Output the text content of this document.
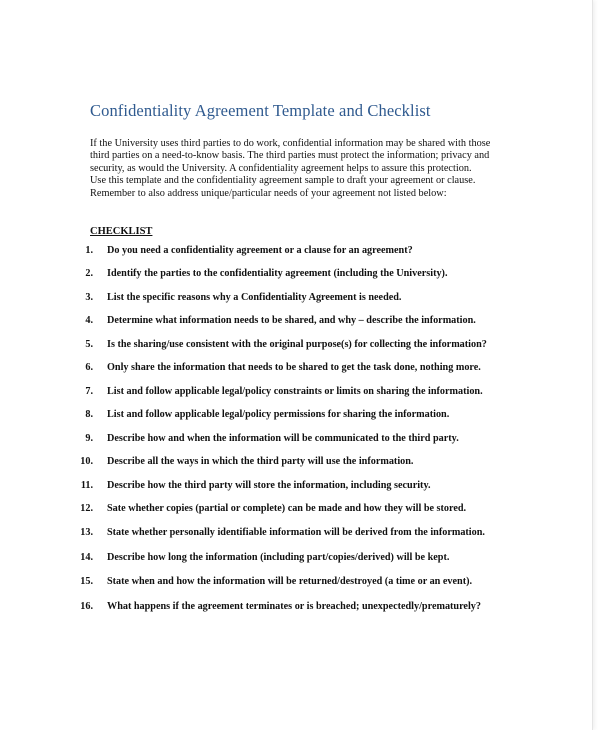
Confidentiality Agreement Template and Checklist

If the University uses third parties to do work, confidential information may be shared with those
third parties on a need-to-know basis. The third parties must protect the information; privacy and
security, as would the University. A confidentiality agreement helps to assure this protection.
Use this template and the confidentiality agreement sample to draft your agreement or clause.
Remember to also address unique/particular needs of your agreement not listed below:

CHECKLIST
1. Do you need a confidentiality agreement or a clause for an agreement?
2. Identify the parties to the confidentiality agreement (including the University).
3. List the specific reasons why a Confidentiality Agreement is needed.
4. Determine what information needs to be shared, and why – describe the information.
5. Is the sharing/use consistent with the original purpose(s) for collecting the information?
6. Only share the information that needs to be shared to get the task done, nothing more.
7. List and follow applicable legal/policy constraints or limits on sharing the information.
8. List and follow applicable legal/policy permissions for sharing the information.
9. Describe how and when the information will be communicated to the third party.
10. Describe all the ways in which the third party will use the information.
11. Describe how the third party will store the information, including security.
12. Sate whether copies (partial or complete) can be made and how they will be stored.
13. State whether personally identifiable information will be derived from the information.
14. Describe how long the information (including part/copies/derived) will be kept.
15. State when and how the information will be returned/destroyed (a time or an event).
16. What happens if the agreement terminates or is breached; unexpectedly/prematurely?
